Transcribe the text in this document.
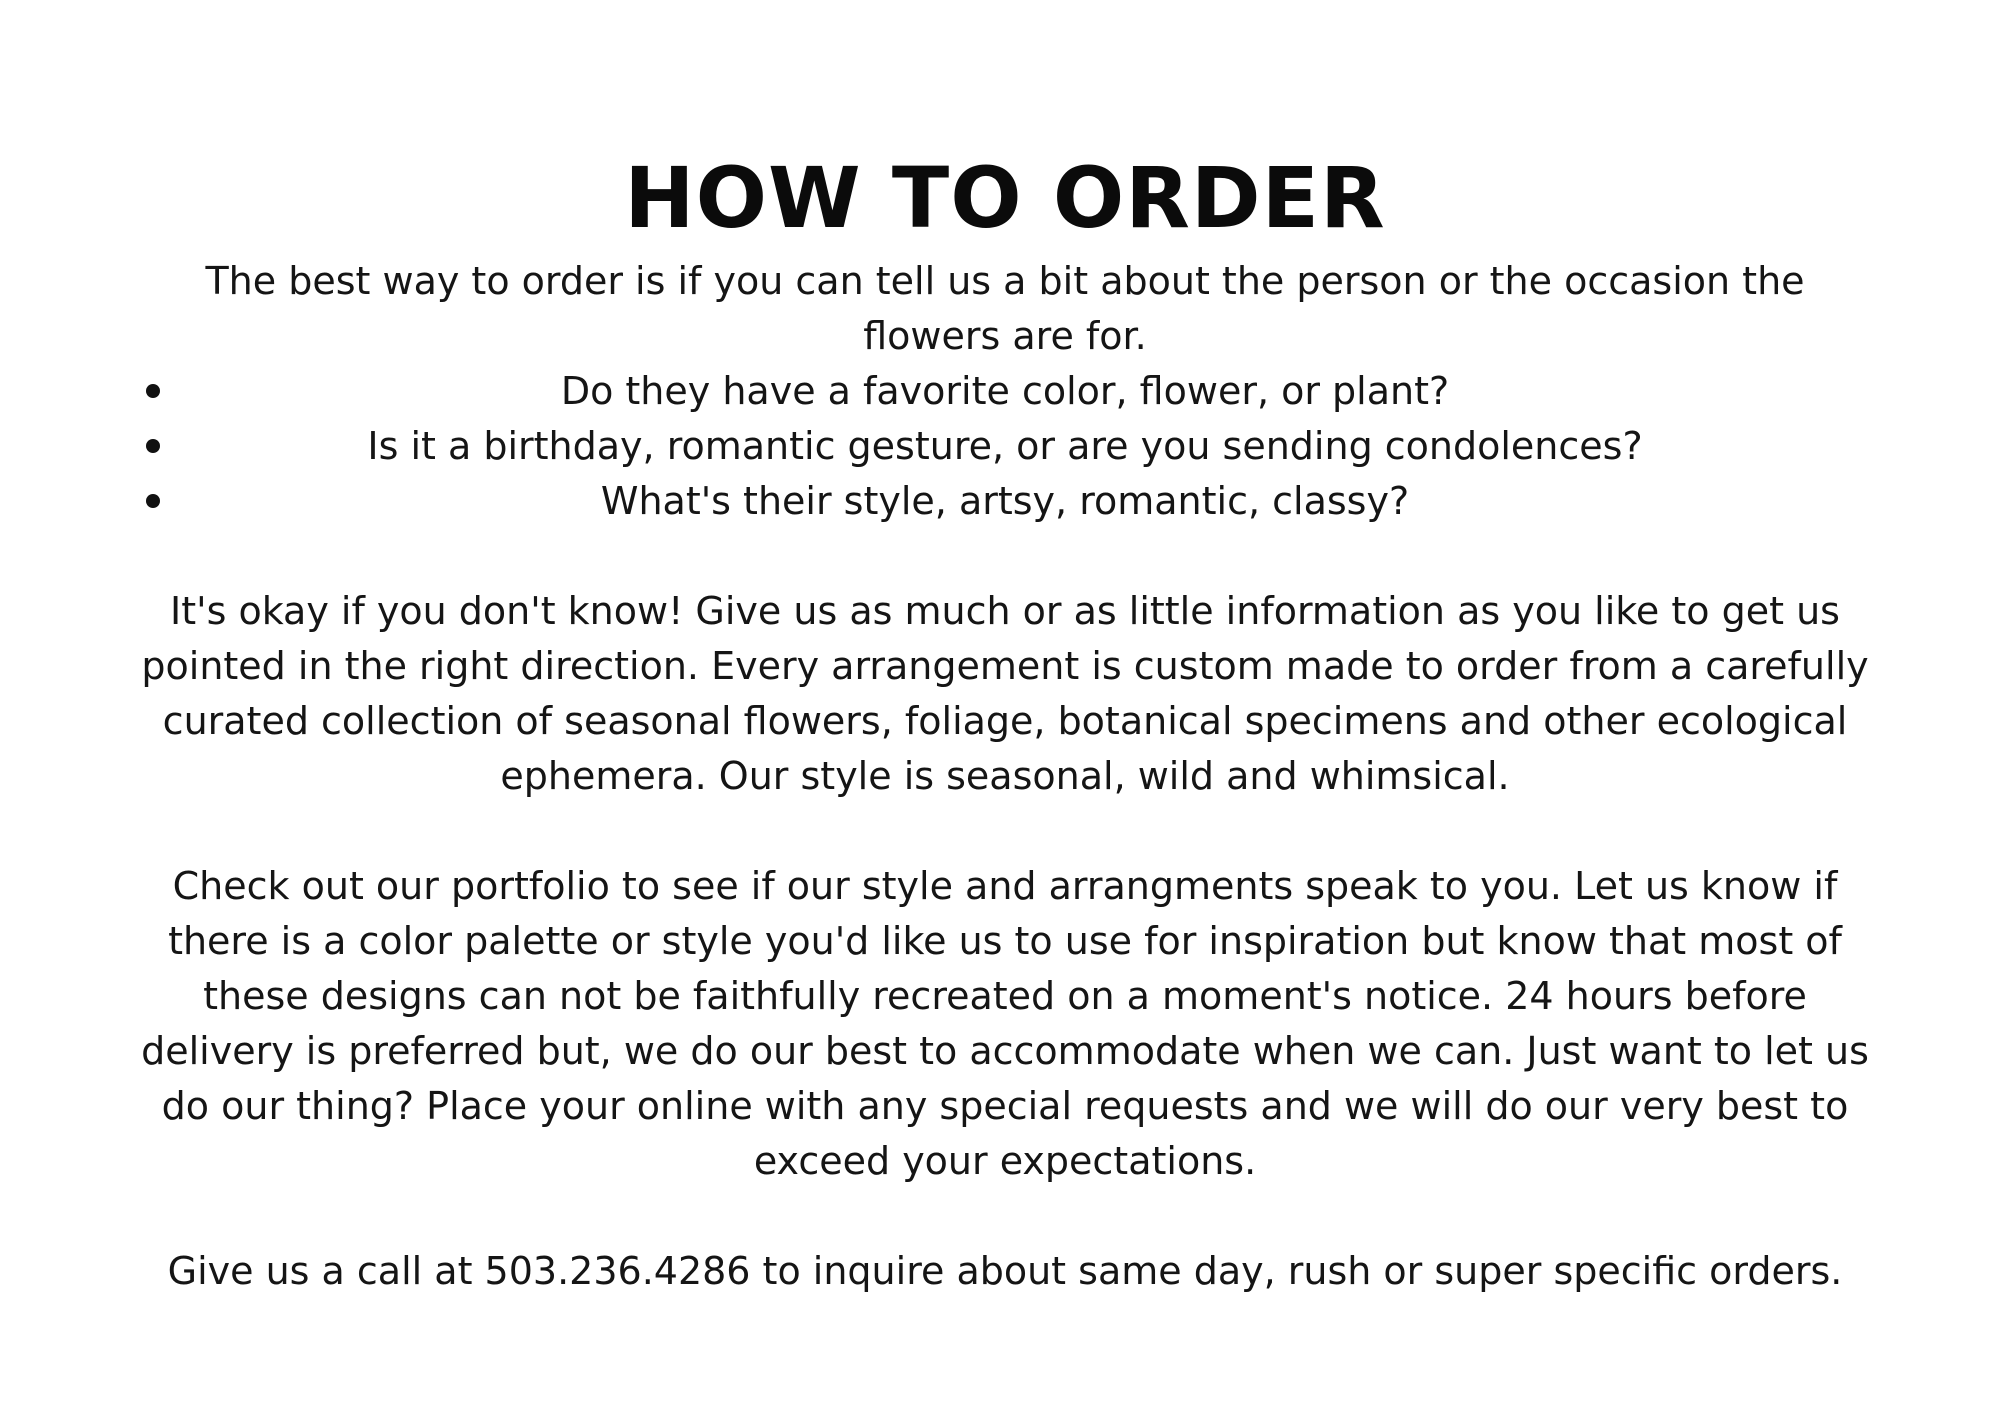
HOW TO ORDER

The best way to order is if you can tell us a bit about the person or the occasion the flowers are for.

Do they have a favorite color, flower, or plant?
Is it a birthday, romantic gesture, or are you sending condolences?
What's their style, artsy, romantic, classy?

It's okay if you don't know! Give us as much or as little information as you like to get us pointed in the right direction. Every arrangement is custom made to order from a carefully curated collection of seasonal flowers, foliage, botanical specimens and other ecological ephemera. Our style is seasonal, wild and whimsical.

Check out our portfolio to see if our style and arrangments speak to you. Let us know if there is a color palette or style you'd like us to use for inspiration but know that most of these designs can not be faithfully recreated on a moment's notice. 24 hours before delivery is preferred but, we do our best to accommodate when we can. Just want to let us do our thing? Place your online with any special requests and we will do our very best to exceed your expectations.

Give us a call at 503.236.4286 to inquire about same day, rush or super specific orders.
